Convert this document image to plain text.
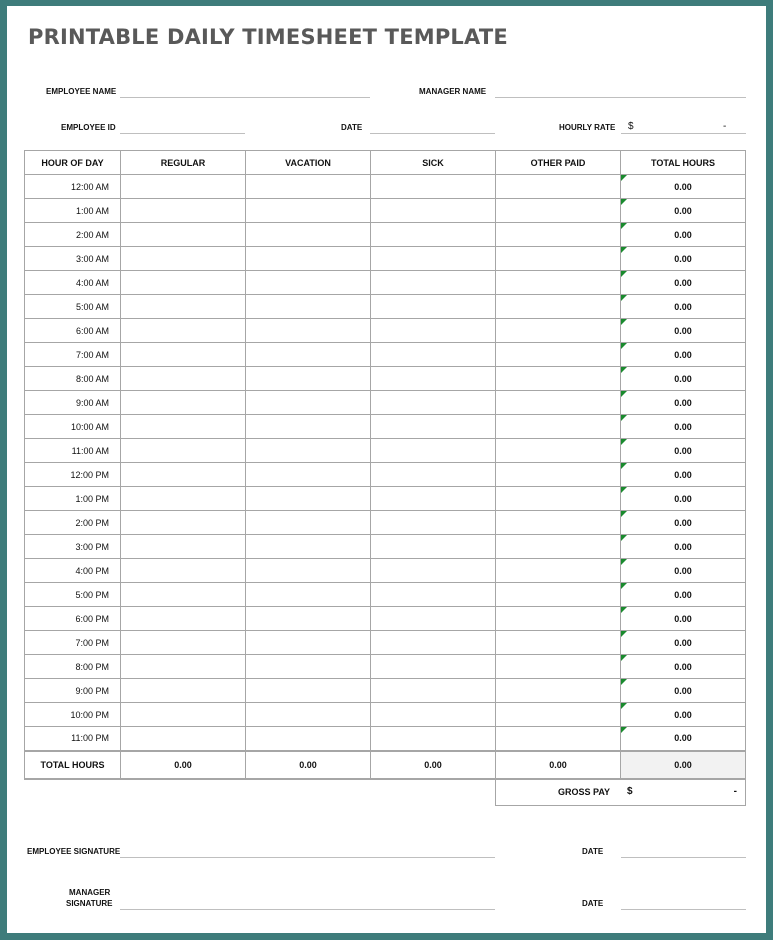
PRINTABLE DAILY TIMESHEET TEMPLATE
EMPLOYEE NAME	MANAGER NAME
EMPLOYEE ID	DATE	HOURLY RATE $	-
HOUR OF DAY	REGULAR	VACATION	SICK	OTHER PAID	TOTAL HOURS
12:00 AM					0.00
1:00 AM					0.00
2:00 AM					0.00
3:00 AM					0.00
4:00 AM					0.00
5:00 AM					0.00
6:00 AM					0.00
7:00 AM					0.00
8:00 AM					0.00
9:00 AM					0.00
10:00 AM					0.00
11:00 AM					0.00
12:00 PM					0.00
1:00 PM					0.00
2:00 PM					0.00
3:00 PM					0.00
4:00 PM					0.00
5:00 PM					0.00
6:00 PM					0.00
7:00 PM					0.00
8:00 PM					0.00
9:00 PM					0.00
10:00 PM					0.00
11:00 PM					0.00
TOTAL HOURS	0.00	0.00	0.00	0.00	0.00
GROSS PAY $	-
EMPLOYEE SIGNATURE	DATE
MANAGER
SIGNATURE	DATE
